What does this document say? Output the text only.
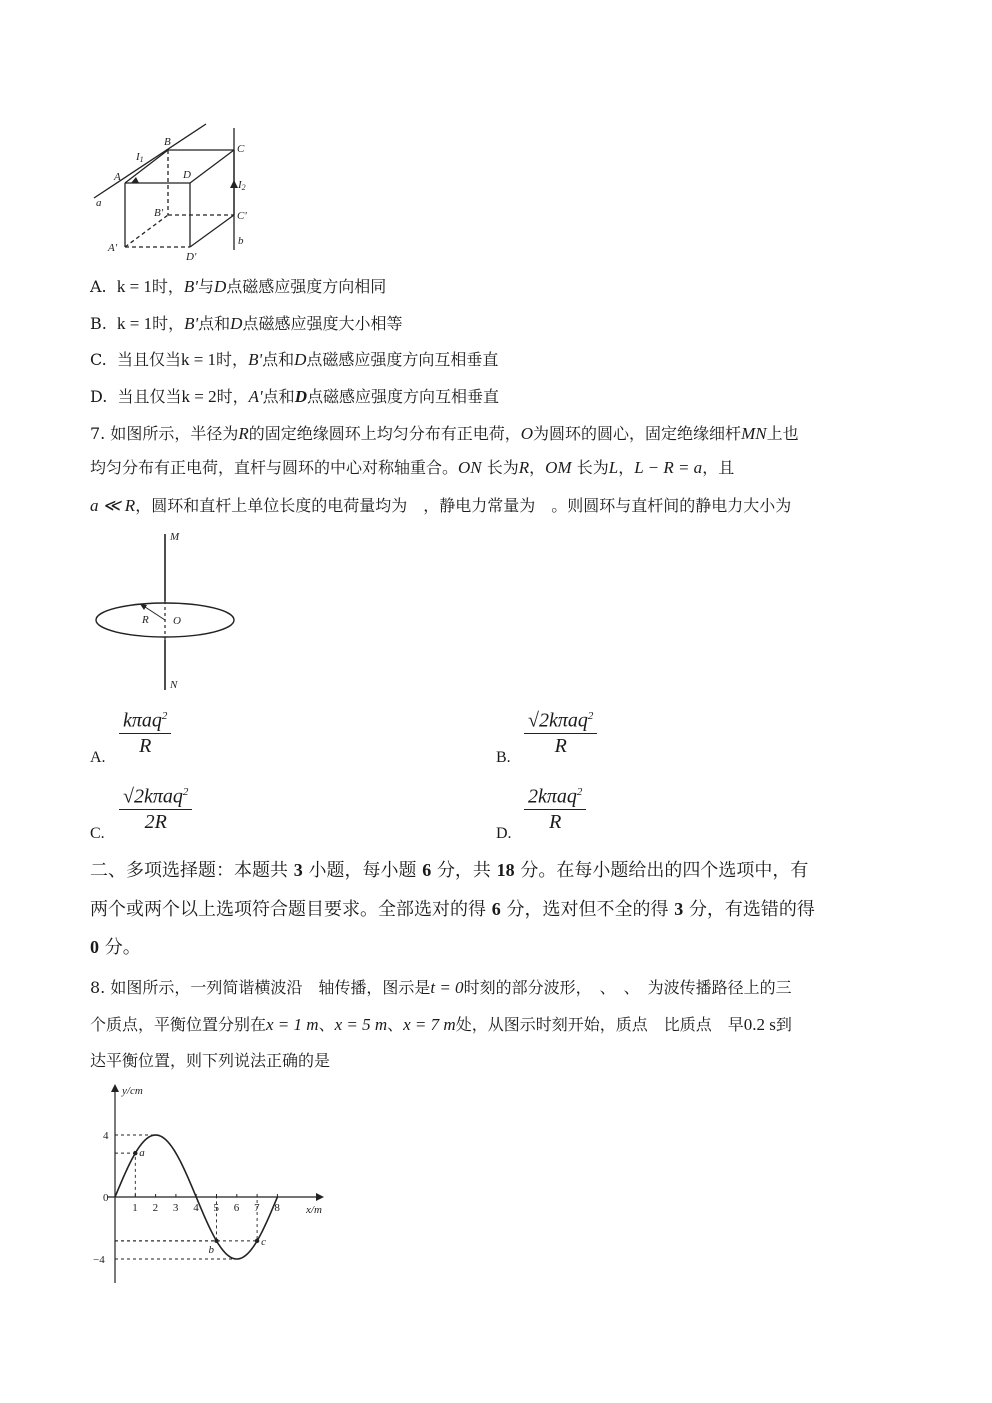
a
A
B
C
D
B'	C'
A'
D'
b
I1
I2
A. k = 1时，B'与D点磁感应强度方向相同
B. k = 1时，B'点和D点磁感应强度大小相等
C. 当且仅当k = 1时，B'点和D点磁感应强度方向互相垂直
D. 当且仅当k = 2时，A'点和D点磁感应强度方向互相垂直
7. 如图所示，半径为R的固定绝缘圆环上均匀分布有正电荷，O为圆环的圆心，固定绝缘细杆MN上也
均匀分布有正电荷，直杆与圆环的中心对称轴重合。ON 长为R，OM 长为L，L − R = a，且
a ≪ R，圆环和直杆上单位长度的电荷量均为　，静电力常量为　。则圆环与直杆间的静电力大小为
M
N
O
R
A.
kπaq$^2$
R
B.
√2kπaq$^2$
R
C.
√2kπaq$^2$
2R
D.
2kπaq$^2$
R
二、多项选择题：本题共 3 小题，每小题 6 分，共 18 分。在每小题给出的四个选项中，有
两个或两个以上选项符合题目要求。全部选对的得 6 分，选对但不全的得 3 分，有选错的得
0 分。
8. 如图所示，一列简谐横波沿　轴传播，图示是t = 0时刻的部分波形，　、　、　为波传播路径上的三
个质点，平衡位置分别在x = 1 m、x = 5 m、x = 7 m处，从图示时刻开始，质点　比质点　早0.2 s到
达平衡位置，则下列说法正确的是
1 2 3 4 5 6 7 8
4
0
−4
a
b
c
y/cm
x/m
